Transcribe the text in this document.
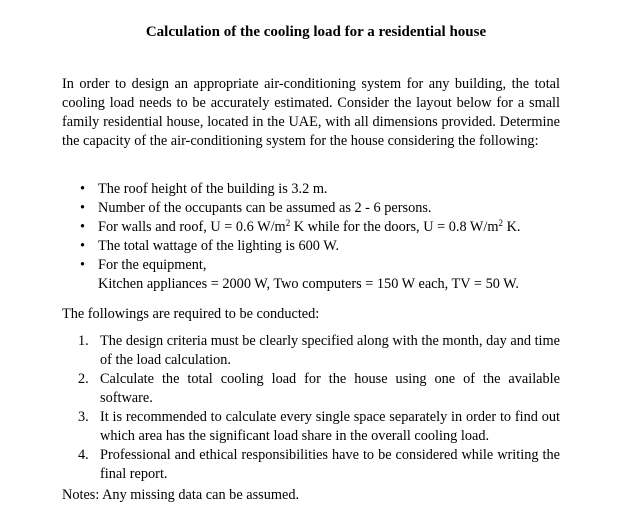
Calculation of the cooling load for a residential house

In order to design an appropriate air-conditioning system for any building, the total cooling load needs to be accurately estimated. Consider the layout below for a small family residential house, located in the UAE, with all dimensions provided. Determine the capacity of the air-conditioning system for the house considering the following:

• The roof height of the building is 3.2 m.
• Number of the occupants can be assumed as 2 - 6 persons.
• For walls and roof, U = 0.6 $W/m^2$ K while for the doors, U = 0.8 $W/m^2$ K.
• The total wattage of the lighting is 600 W.
• For the equipment,
Kitchen appliances = 2000 W, Two computers = 150 W each, TV = 50 W.

The followings are required to be conducted:

1. The design criteria must be clearly specified along with the month, day and time of the load calculation.
2. Calculate the total cooling load for the house using one of the available software.
3. It is recommended to calculate every single space separately in order to find out which area has the significant load share in the overall cooling load.
4. Professional and ethical responsibilities have to be considered while writing the final report.

Notes: Any missing data can be assumed.
